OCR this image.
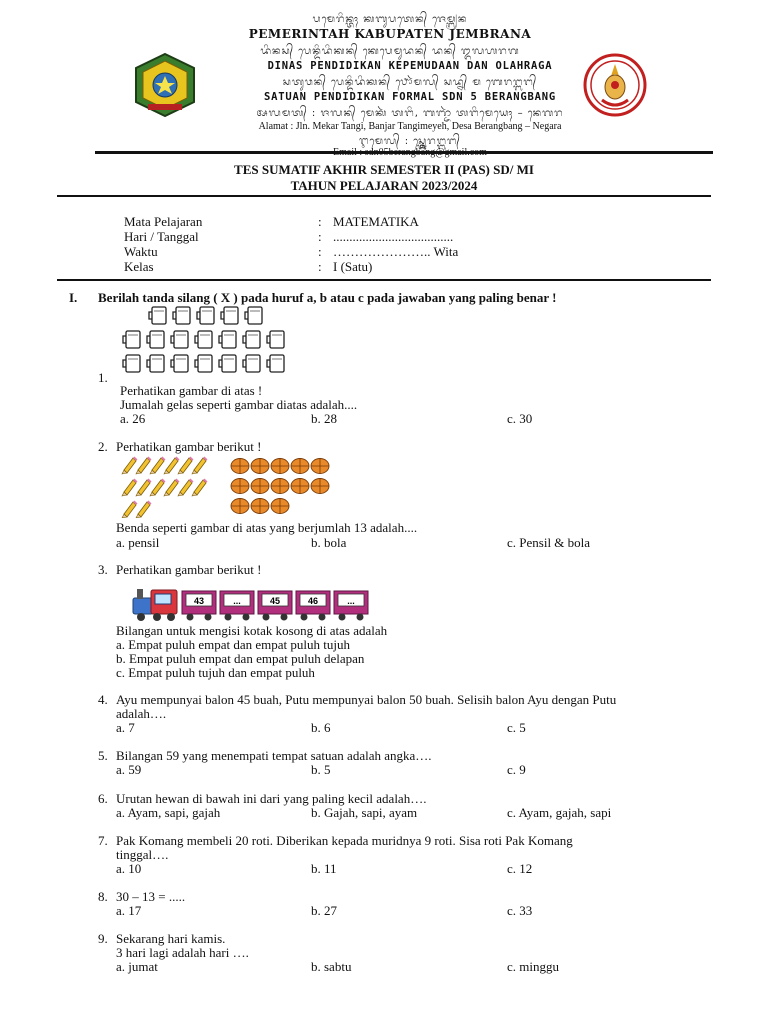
ᬧᬫᬾᬭᬶᬦ᭄ᬢᬄ ᬓᬩᬸᬧᬢᬾᬦ᭄ ᬚᬾᬫ᭄ᬩ᭄ᬭᬦ
PEMERINTAH KABUPATEN JEMBRANA
ᬤᬶᬦᬲ᭄ ᬧᬾᬦ᭄ᬤᬶᬤᬶᬓᬦ᭄ ᬓᬾᬧᬾᬫᬸᬤᬦ᭄ ᬤᬦ᭄ ᬑᬮᬳᬭᬕ
DINAS PENDIDIKAN KEPEMUDAAN DAN OLAHRAGA
ᬲᬢᬸᬯᬦ᭄ ᬧᬾᬦ᭄ᬤᬶᬤᬶᬓᬦ᭄ ᬨᭀᬃᬫᬮ᭄ ᬲᬤ᭄ᬦ᭄ ᬫ ᬩᬾᬭᬗ᭄ᬩᬗ᭄
SATUAN PENDIDIKAN FORMAL SDN 5 BERANGBANG
ᬅᬮᬫᬢ᭄ : ᬚᬮᬦ᭄ ᬫᬾᬓᬃ ᬢᬗᬶ, ᬩᬜ᭄ᬚᬃ ᬢᬗᬶᬫᬾᬬᬾᬄ – ᬦᬾᬕᬭ
Alamat : Jln. Mekar Tangi, Banjar Tangimeyeh, Desa Berangbang – Negara
ᬇᬫᬾᬮ᭄ : ᬲ᭄ᬤ᭄ᬦ᭄ᬩᬾᬭᬗ᭄ᬩᬗ᭄
TES SUMATIF AKHIR SEMESTER II (PAS) SD/ MI
TAHUN PELAJARAN 2023/2024
Mata Pelajaran	: MATEMATIKA
Hari / Tanggal	: .....................................
Waktu	: ………………….. Wita
Kelas	: I (Satu)
I. Berilah tanda silang ( X ) pada huruf a, b atau c pada jawaban yang paling benar !
1.
Perhatikan gambar di atas !
Jumalah gelas seperti gambar diatas adalah....
a. 26	b. 28	c. 30
2. Perhatikan gambar berikut !
Benda seperti gambar di atas yang berjumlah 13 adalah....
a. pensil	b. bola	c. Pensil & bola
3. Perhatikan gambar berikut !
43	...	45	46	...
Bilangan untuk mengisi kotak kosong di atas adalah
a. Empat puluh empat dan empat puluh tujuh
b. Empat puluh empat dan empat puluh delapan
c. Empat puluh tujuh dan empat puluh
4. Ayu mempunyai balon 45 buah, Putu mempunyai balon 50 buah. Selisih balon Ayu dengan Putu
adalah….
a. 7	b. 6	c. 5
5. Bilangan 59 yang menempati tempat satuan adalah angka….
a. 59	b. 5	c. 9
6. Urutan hewan di bawah ini dari yang paling kecil adalah….
a. Ayam, sapi, gajah	b. Gajah, sapi, ayam	c. Ayam, gajah, sapi
7. Pak Komang membeli 20 roti. Diberikan kepada muridnya 9 roti. Sisa roti Pak Komang
tinggal….
a. 10	b. 11	c. 12
8. 30 – 13 = .....
a. 17	b. 27	c. 33
9. Sekarang hari kamis.
3 hari lagi adalah hari ….
a. jumat	b. sabtu	c. minggu
